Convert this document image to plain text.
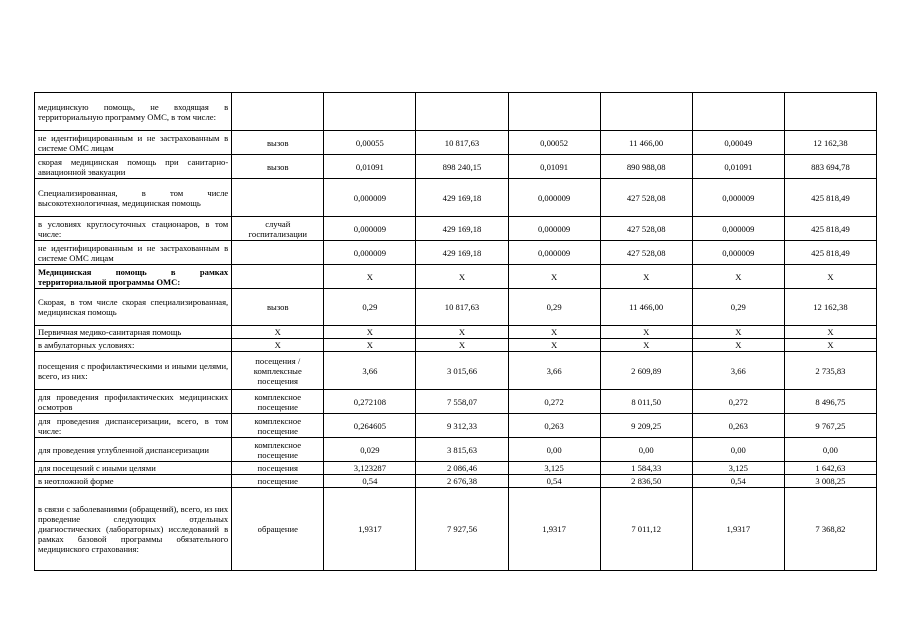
медицинскую помощь, не входящая в территориальную программу ОМС, в том числе:							
не идентифицированным и не застрахованным в системе ОМС лицам	вызов	0,00055	10 817,63	0,00052	11 466,00	0,00049	12 162,38
скорая медицинская помощь при санитарно-авиационной эвакуации	вызов	0,01091	898 240,15	0,01091	890 988,08	0,01091	883 694,78
Специализированная, в том числе высокотехнологичная, медицинская помощь		0,000009	429 169,18	0,000009	427 528,08	0,000009	425 818,49
в условиях круглосуточных стационаров, в том числе:	случай госпитализации	0,000009	429 169,18	0,000009	427 528,08	0,000009	425 818,49
не идентифицированным и не застрахованным в системе ОМС лицам		0,000009	429 169,18	0,000009	427 528,08	0,000009	425 818,49
Медицинская помощь в рамках территориальной программы ОМС:		X	X	X	X	X	X
Скорая, в том числе скорая специализированная, медицинская помощь	вызов	0,29	10 817,63	0,29	11 466,00	0,29	12 162,38
Первичная медико-санитарная помощь	X	X	X	X	X	X	X
в амбулаторных условиях:	X	X	X	X	X	X	X
посещения с профилактическими и иными целями, всего, из них:	посещения / комплексные посещения	3,66	3 015,66	3,66	2 609,89	3,66	2 735,83
для проведения профилактических медицинских осмотров	комплексное посещение	0,272108	7 558,07	0,272	8 011,50	0,272	8 496,75
для проведения диспансеризации, всего, в том числе:	комплексное посещение	0,264605	9 312,33	0,263	9 209,25	0,263	9 767,25
для проведения углубленной диспансеризации	комплексное посещение	0,029	3 815,63	0,00	0,00	0,00	0,00
для посещений с иными целями	посещения	3,123287	2 086,46	3,125	1 584,33	3,125	1 642,63
в неотложной форме	посещение	0,54	2 676,38	0,54	2 836,50	0,54	3 008,25
в связи с заболеваниями (обращений), всего, из них проведение следующих отдельных диагностических (лабораторных) исследований в рамках базовой программы обязательного медицинского страхования:	обращение	1,9317	7 927,56	1,9317	7 011,12	1,9317	7 368,82
